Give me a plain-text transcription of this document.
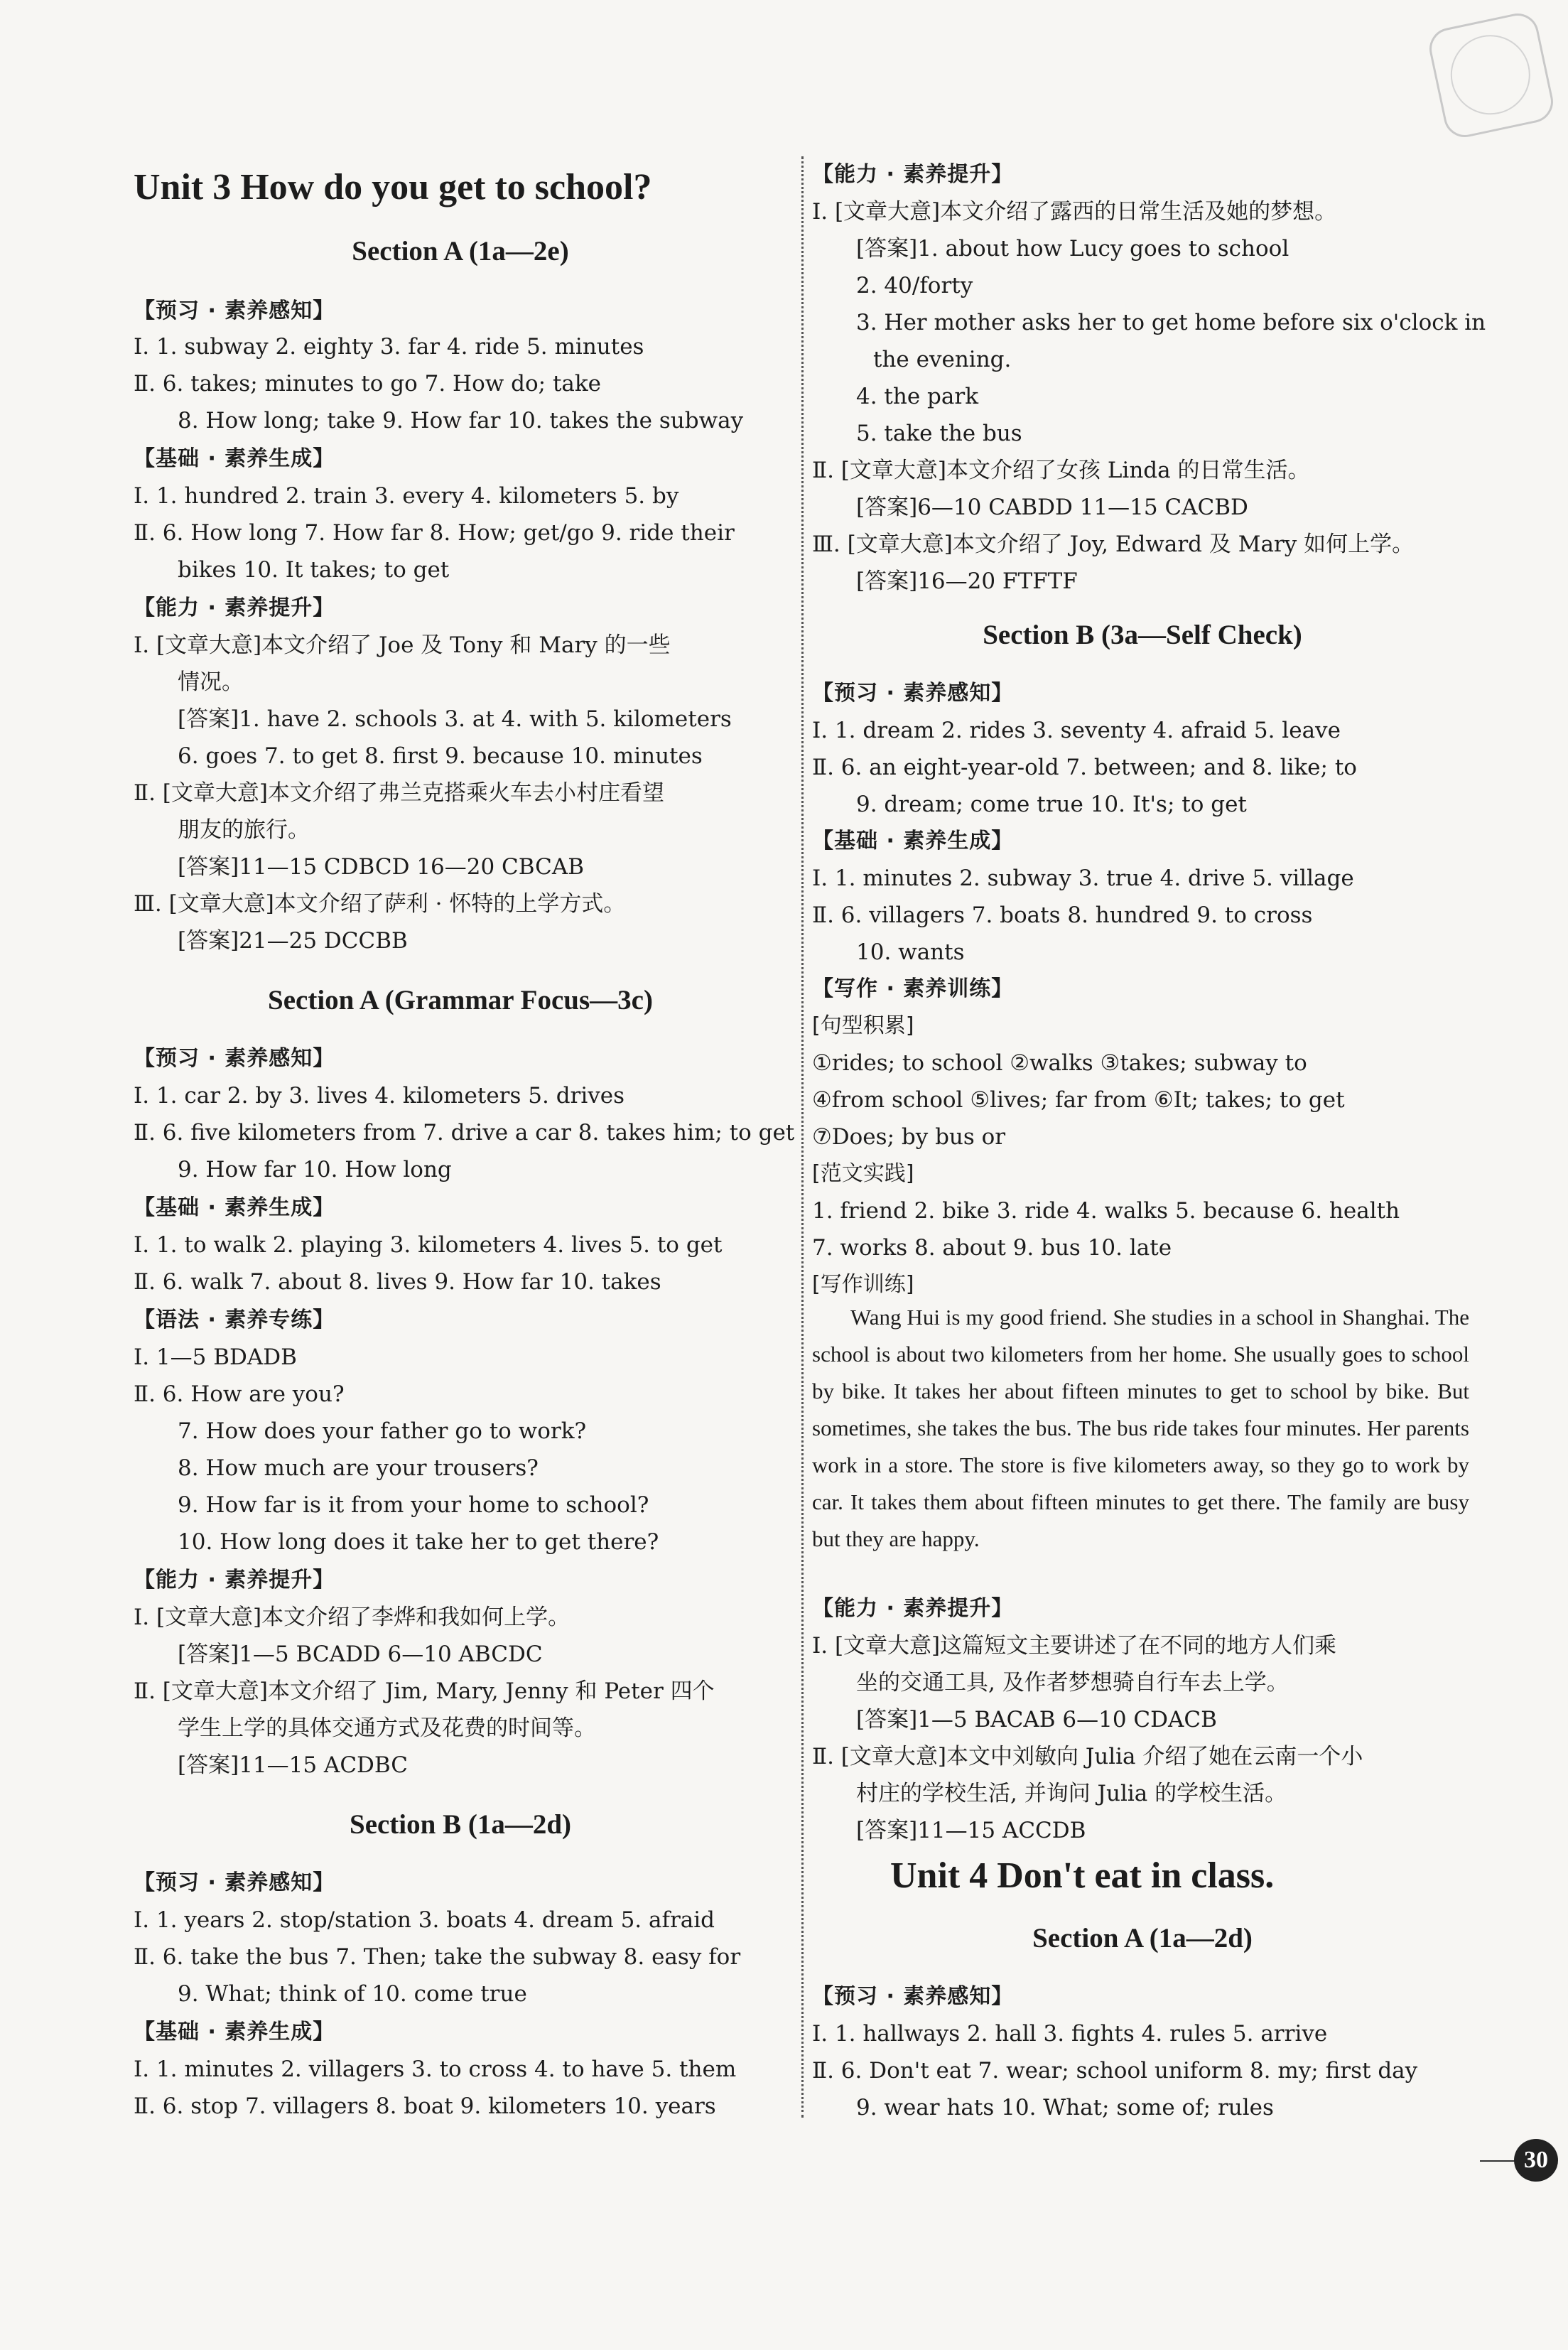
Unit 3 How do you get to school?
Section A (1a—2e)
【预习 · 素养感知】
Ⅰ. 1. subway 2. eighty 3. far 4. ride 5. minutes
Ⅱ. 6. takes; minutes to go 7. How do; take
8. How long; take 9. How far 10. takes the subway
【基础 · 素养生成】
Ⅰ. 1. hundred 2. train 3. every 4. kilometers 5. by
Ⅱ. 6. How long 7. How far 8. How; get/go 9. ride their
bikes 10. It takes; to get
【能力 · 素养提升】
Ⅰ. [文章大意]本文介绍了 Joe 及 Tony 和 Mary 的一些
情况。
[答案]1. have 2. schools 3. at 4. with 5. kilometers
6. goes 7. to get 8. first 9. because 10. minutes
Ⅱ. [文章大意]本文介绍了弗兰克搭乘火车去小村庄看望
朋友的旅行。
[答案]11—15 CDBCD 16—20 CBCAB
Ⅲ. [文章大意]本文介绍了萨利 · 怀特的上学方式。
[答案]21—25 DCCBB
Section A (Grammar Focus—3c)
【预习 · 素养感知】
Ⅰ. 1. car 2. by 3. lives 4. kilometers 5. drives
Ⅱ. 6. five kilometers from 7. drive a car 8. takes him; to get
9. How far 10. How long
【基础 · 素养生成】
Ⅰ. 1. to walk 2. playing 3. kilometers 4. lives 5. to get
Ⅱ. 6. walk 7. about 8. lives 9. How far 10. takes
【语法 · 素养专练】
Ⅰ. 1—5 BDADB
Ⅱ. 6. How are you?
7. How does your father go to work?
8. How much are your trousers?
9. How far is it from your home to school?
10. How long does it take her to get there?
【能力 · 素养提升】
Ⅰ. [文章大意]本文介绍了李烨和我如何上学。
[答案]1—5 BCADD 6—10 ABCDC
Ⅱ. [文章大意]本文介绍了 Jim, Mary, Jenny 和 Peter 四个
学生上学的具体交通方式及花费的时间等。
[答案]11—15 ACDBC
Section B (1a—2d)
【预习 · 素养感知】
Ⅰ. 1. years 2. stop/station 3. boats 4. dream 5. afraid
Ⅱ. 6. take the bus 7. Then; take the subway 8. easy for
9. What; think of 10. come true
【基础 · 素养生成】
Ⅰ. 1. minutes 2. villagers 3. to cross 4. to have 5. them
Ⅱ. 6. stop 7. villagers 8. boat 9. kilometers 10. years
【能力 · 素养提升】
Ⅰ. [文章大意]本文介绍了露西的日常生活及她的梦想。
[答案]1. about how Lucy goes to school
2. 40/forty
3. Her mother asks her to get home before six o'clock in
the evening.
4. the park
5. take the bus
Ⅱ. [文章大意]本文介绍了女孩 Linda 的日常生活。
[答案]6—10 CABDD 11—15 CACBD
Ⅲ. [文章大意]本文介绍了 Joy, Edward 及 Mary 如何上学。
[答案]16—20 FTFTF
Section B (3a—Self Check)
【预习 · 素养感知】
Ⅰ. 1. dream 2. rides 3. seventy 4. afraid 5. leave
Ⅱ. 6. an eight-year-old 7. between; and 8. like; to
9. dream; come true 10. It's; to get
【基础 · 素养生成】
Ⅰ. 1. minutes 2. subway 3. true 4. drive 5. village
Ⅱ. 6. villagers 7. boats 8. hundred 9. to cross
10. wants
【写作 · 素养训练】
[句型积累]
①rides; to school ②walks ③takes; subway to
④from school ⑤lives; far from ⑥It; takes; to get
⑦Does; by bus or
[范文实践]
1. friend 2. bike 3. ride 4. walks 5. because 6. health
7. works 8. about 9. bus 10. late
[写作训练]
Wang Hui is my good friend. She studies in a school in Shanghai. The school is about two kilometers from her home. She usually goes to school by bike. It takes her about fifteen minutes to get to school by bike. But sometimes, she takes the bus. The bus ride takes four minutes. Her parents work in a store. The store is five kilometers away, so they go to work by car. It takes them about fifteen minutes to get there. The family are busy but they are happy.
【能力 · 素养提升】
Ⅰ. [文章大意]这篇短文主要讲述了在不同的地方人们乘
坐的交通工具, 及作者梦想骑自行车去上学。
[答案]1—5 BACAB 6—10 CDACB
Ⅱ. [文章大意]本文中刘敏向 Julia 介绍了她在云南一个小
村庄的学校生活, 并询问 Julia 的学校生活。
[答案]11—15 ACCDB
Unit 4 Don't eat in class.
Section A (1a—2d)
【预习 · 素养感知】
Ⅰ. 1. hallways 2. hall 3. fights 4. rules 5. arrive
Ⅱ. 6. Don't eat 7. wear; school uniform 8. my; first day
9. wear hats 10. What; some of; rules
30
